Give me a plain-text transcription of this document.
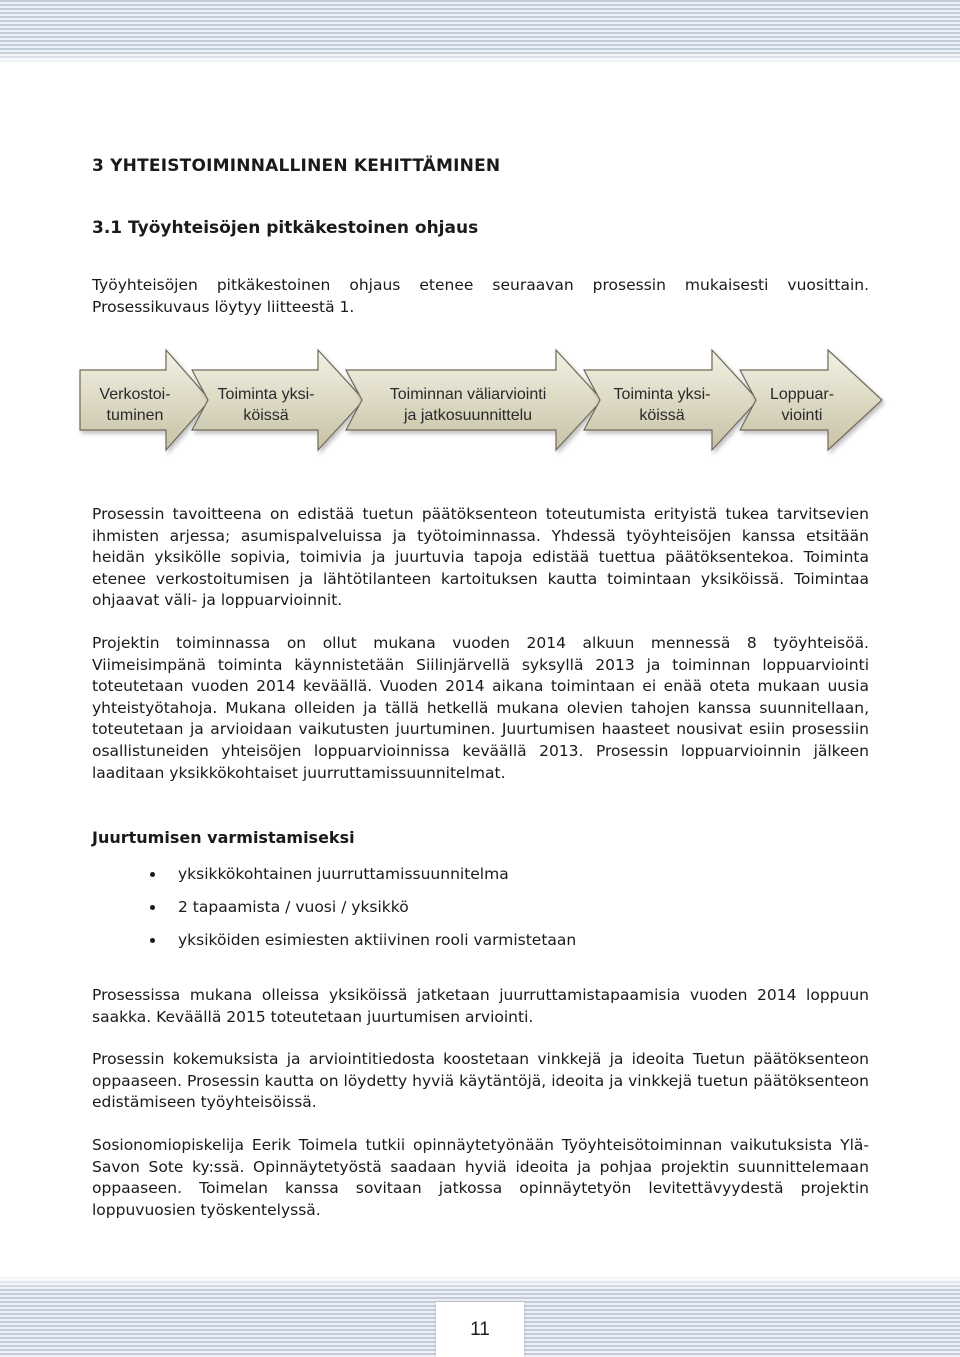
3 YHTEISTOIMINNALLINEN KEHITTÄMINEN
3.1 Työyhteisöjen pitkäkestoinen ohjaus

Työyhteisöjen pitkäkestoinen ohjaus etenee seuraavan prosessin mukaisesti vuosittain. Prosessikuvaus löytyy liitteestä 1.

Verkostoi-
tuminen
Toiminta yksi-
köissä
Toiminnan väliarviointi
ja jatkosuunnittelu
Toiminta yksi-
köissä
Loppuar-
viointi

Prosessin tavoitteena on edistää tuetun päätöksenteon toteutumista erityistä tukea tarvitsevien ihmisten arjessa; asumispalveluissa ja työtoiminnassa. Yhdessä työyhteisöjen kanssa etsitään heidän yksikölle sopivia, toimivia ja juurtuvia tapoja edistää tuettua päätöksentekoa. Toiminta etenee verkostoitumisen ja lähtötilanteen kartoituksen kautta toimintaan yksiköissä. Toimintaa ohjaavat väli- ja loppuarvioinnit.

Projektin toiminnassa on ollut mukana vuoden 2014 alkuun mennessä 8 työyhteisöä. Viimeisimpänä toiminta käynnistetään Siilinjärvellä syksyllä 2013 ja toiminnan loppuarviointi toteutetaan vuoden 2014 keväällä. Vuoden 2014 aikana toimintaan ei enää oteta mukaan uusia yhteistyötahoja. Mukana olleiden ja tällä hetkellä mukana olevien tahojen kanssa suunnitellaan, toteutetaan ja arvioidaan vaikutusten juurtuminen. Juurtumisen haasteet nousivat esiin prosessiin osallistuneiden yhteisöjen loppuarvioinnissa keväällä 2013. Prosessin loppuarvioinnin jälkeen laaditaan yksikkökohtaiset juurruttamissuunnitelmat.

Juurtumisen varmistamiseksi
yksikkökohtainen juurruttamissuunnitelma
2 tapaamista / vuosi / yksikkö
yksiköiden esimiesten aktiivinen rooli varmistetaan

Prosessissa mukana olleissa yksiköissä jatketaan juurruttamistapaamisia vuoden 2014 loppuun saakka. Keväällä 2015 toteutetaan juurtumisen arviointi.

Prosessin kokemuksista ja arviointitiedosta koostetaan vinkkejä ja ideoita Tuetun päätöksenteon oppaaseen. Prosessin kautta on löydetty hyviä käytäntöjä, ideoita ja vinkkejä tuetun päätöksenteon edistämiseen työyhteisöissä.

Sosionomiopiskelija Eerik Toimela tutkii opinnäytetyönään Työyhteisötoiminnan vaikutuksista Ylä-Savon Sote ky:ssä. Opinnäytetyöstä saadaan hyviä ideoita ja pohjaa projektin suunnittelemaan oppaaseen. Toimelan kanssa sovitaan jatkossa opinnäytetyön levitettävyydestä projektin loppuvuosien työskentelyssä.

11
